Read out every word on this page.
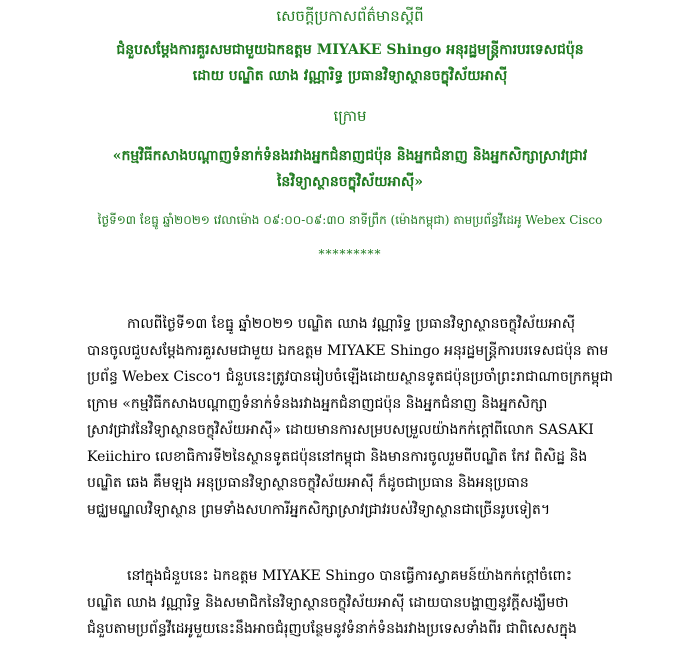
សេចក្តីប្រកាសព័ត៌មានស្តីពី
ជំនួបសម្តែងការគួរសមជាមួយឯកឧត្តម MIYAKE Shingo អនុរដ្ឋមន្ត្រីការបរទេសជប៉ុន
ដោយ បណ្ឌិត ឈាង វណ្ណារិទ្ធ ប្រធានវិទ្យាស្ថានចក្ខុវិស័យអាស៊ី
ក្រោម
«កម្មវិធីកសាងបណ្តាញទំនាក់ទំនងរវាងអ្នកជំនាញជប៉ុន និងអ្នកជំនាញ និងអ្នកសិក្សាស្រាវជ្រាវ
នៃវិទ្យាស្ថានចក្ខុវិស័យអាស៊ី»
ថ្ងៃទី១៣ ខែធ្នូ ឆ្នាំ២០២១ វេលាម៉ោង ០៩:០០-០៩:៣០ នាទីព្រឹក (ម៉ោងកម្ពុជា) តាមប្រព័ន្ធវីដេអូ Webex Cisco
*********
កាលពីថ្ងៃទី១៣ ខែធ្នូ ឆ្នាំ២០២១ បណ្ឌិត ឈាង វណ្ណារិទ្ធ ប្រធានវិទ្យាស្ថានចក្ខុវិស័យអាស៊ី
បានចូលជួបសម្តែងការគួរសមជាមួយ ឯកឧត្តម MIYAKE Shingo អនុរដ្ឋមន្ត្រីការបរទេសជប៉ុន តាម
ប្រព័ន្ធ Webex Cisco។ ជំនួបនេះត្រូវបានរៀបចំឡើងដោយស្ថានទូតជប៉ុនប្រចាំព្រះរាជាណាចក្រកម្ពុជា
ក្រោម «កម្មវិធីកសាងបណ្តាញទំនាក់ទំនងរវាងអ្នកជំនាញជប៉ុន និងអ្នកជំនាញ និងអ្នកសិក្សា
ស្រាវជ្រាវនៃវិទ្យាស្ថានចក្ខុវិស័យអាស៊ី» ដោយមានការសម្របសម្រួលយ៉ាងកក់ក្តៅពីលោក SASAKI
Keiichiro លេខាធិការទី២នៃស្ថានទូតជប៉ុននៅកម្ពុជា និងមានការចូលរួមពីបណ្ឌិត កែវ ពិសិដ្ឋ និង
បណ្ឌិត ឆេង គឹមឡុង អនុប្រធានវិទ្យាស្ថានចក្ខុវិស័យអាស៊ី ក៏ដូចជាប្រធាន និងអនុប្រធាន
មជ្ឈមណ្ឌលវិទ្យាស្ថាន ព្រមទាំងសហការីអ្នកសិក្សាស្រាវជ្រាវរបស់វិទ្យាស្ថានជាច្រើនរូបទៀត។
នៅក្នុងជំនួបនេះ ឯកឧត្តម MIYAKE Shingo បានធ្វើការស្វាគមន៍យ៉ាងកក់ក្តៅចំពោះ
បណ្ឌិត ឈាង វណ្ណារិទ្ធ និងសមាជិកនៃវិទ្យាស្ថានចក្ខុវិស័យអាស៊ី ដោយបានបង្ហាញនូវក្តីសង្ឃឹមថា
ជំនួបតាមប្រព័ន្ធវីដេអូមួយនេះនឹងអាចជំរុញបន្ថែមនូវទំនាក់ទំនងរវាងប្រទេសទាំងពីរ ជាពិសេសក្នុង
